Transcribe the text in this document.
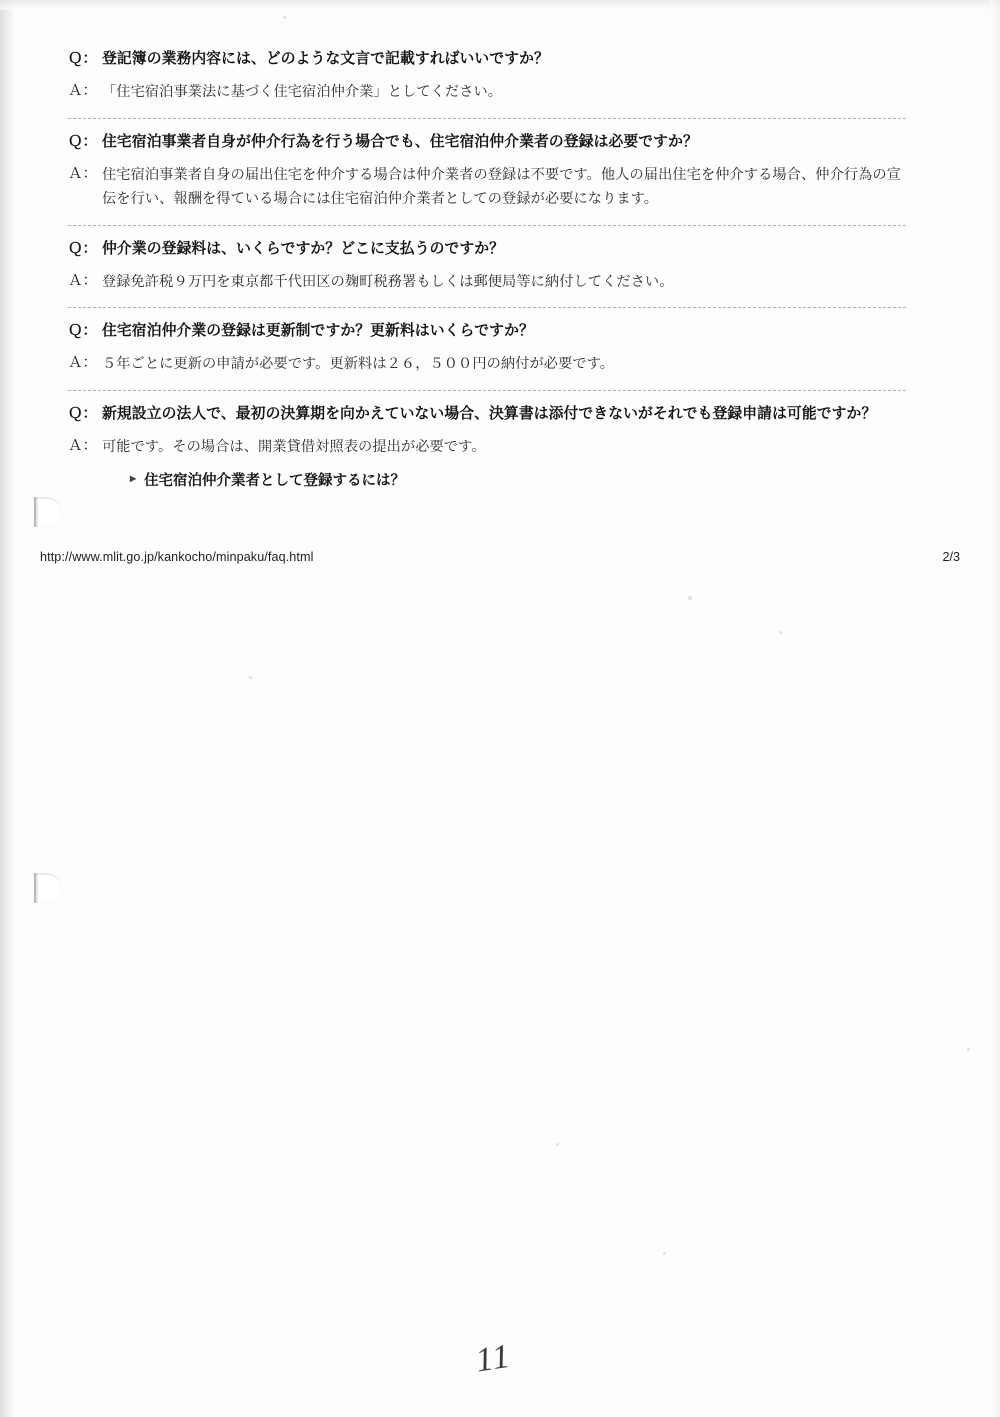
Ｑ： 登記簿の業務内容には、どのような文言で記載すればいいですか？
Ａ： 「住宅宿泊事業法に基づく住宅宿泊仲介業」としてください。
Ｑ： 住宅宿泊事業者自身が仲介行為を行う場合でも、住宅宿泊仲介業者の登録は必要ですか？
Ａ： 住宅宿泊事業者自身の届出住宅を仲介する場合は仲介業者の登録は不要です。他人の届出住宅を仲介する場合、仲介行為の宣
伝を行い、報酬を得ている場合には住宅宿泊仲介業者としての登録が必要になります。
Ｑ： 仲介業の登録料は、いくらですか？どこに支払うのですか？
Ａ： 登録免許税９万円を東京都千代田区の麹町税務署もしくは郵便局等に納付してください。
Ｑ： 住宅宿泊仲介業の登録は更新制ですか？更新料はいくらですか？
Ａ： ５年ごとに更新の申請が必要です。更新料は２６，５００円の納付が必要です。
Ｑ： 新規設立の法人で、最初の決算期を向かえていない場合、決算書は添付できないがそれでも登録申請は可能ですか？
Ａ： 可能です。その場合は、開業貸借対照表の提出が必要です。
▸ 住宅宿泊仲介業者として登録するには？
http://www.mlit.go.jp/kankocho/minpaku/faq.html	2/3
11
